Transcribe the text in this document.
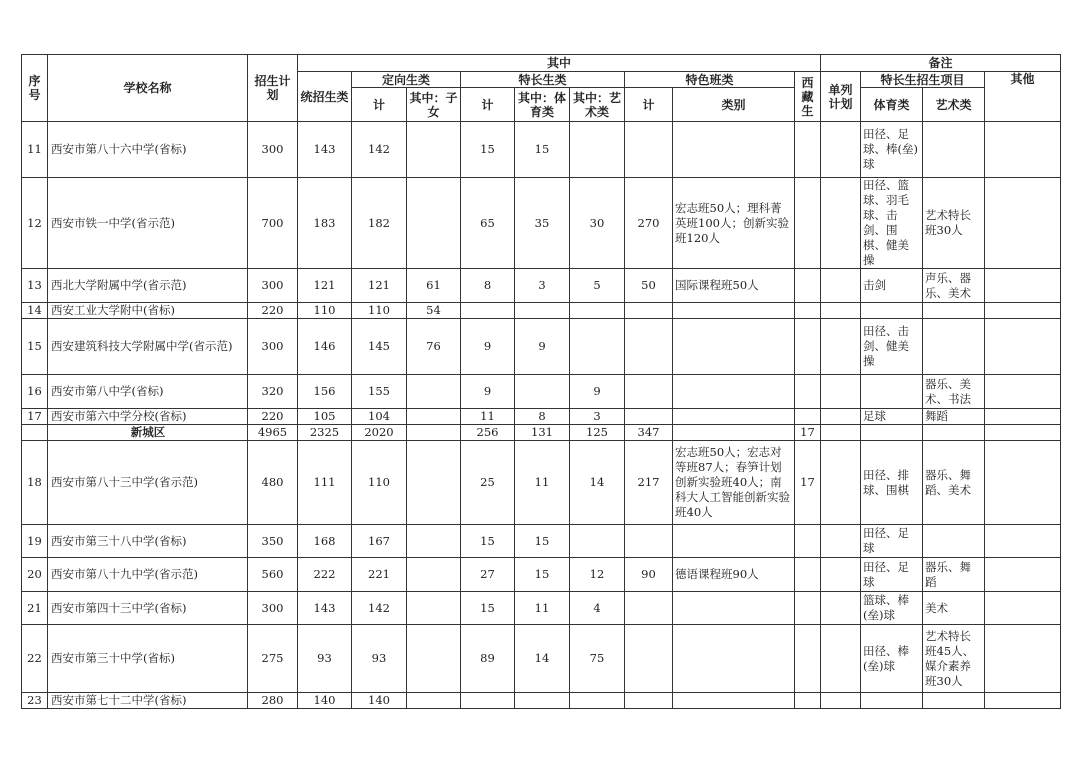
序号	学校名称	招生计划	其中									备注			
			统招生类	定向生类		特长生类			特色班类		西藏生	单列计划	特长生招生项目		其他
				计	其中：子女	计	其中：体育类	其中：艺术类	计	类别			体育类	艺术类	
11	西安市第八十六中学(省标)	300	143	142		15	15						田径、足球、棒(垒)球		
12	西安市铁一中学(省示范)	700	183	182		65	35	30	270	宏志班50人；理科菁英班100人；创新实验班120人			田径、篮球、羽毛球、击剑、围棋、健美操	艺术特长班30人	
13	西北大学附属中学(省示范)	300	121	121	61	8	3	5	50	国际课程班50人			击剑	声乐、器乐、美术	
14	西安工业大学附中(省标)	220	110	110	54										
15	西安建筑科技大学附属中学(省示范)	300	146	145	76	9	9						田径、击剑、健美操		
16	西安市第八中学(省标)	320	156	155		9		9						器乐、美术、书法	
17	西安市第六中学分校(省标)	220	105	104		11	8	3					足球	舞蹈	
	新城区	4965	2325	2020		256	131	125	347		17				
18	西安市第八十三中学(省示范)	480	111	110		25	11	14	217	宏志班50人；宏志对等班87人；春笋计划创新实验班40人；南科大人工智能创新实验班40人	17		田径、排球、围棋	器乐、舞蹈、美术	
19	西安市第三十八中学(省标)	350	168	167		15	15						田径、足球		
20	西安市第八十九中学(省示范)	560	222	221		27	15	12	90	德语课程班90人			田径、足球	器乐、舞蹈	
21	西安市第四十三中学(省标)	300	143	142		15	11	4					篮球、棒(垒)球	美术	
22	西安市第三十中学(省标)	275	93	93		89	14	75					田径、棒(垒)球	艺术特长班45人、媒介素养班30人	
23	西安市第七十二中学(省标)	280	140	140											
